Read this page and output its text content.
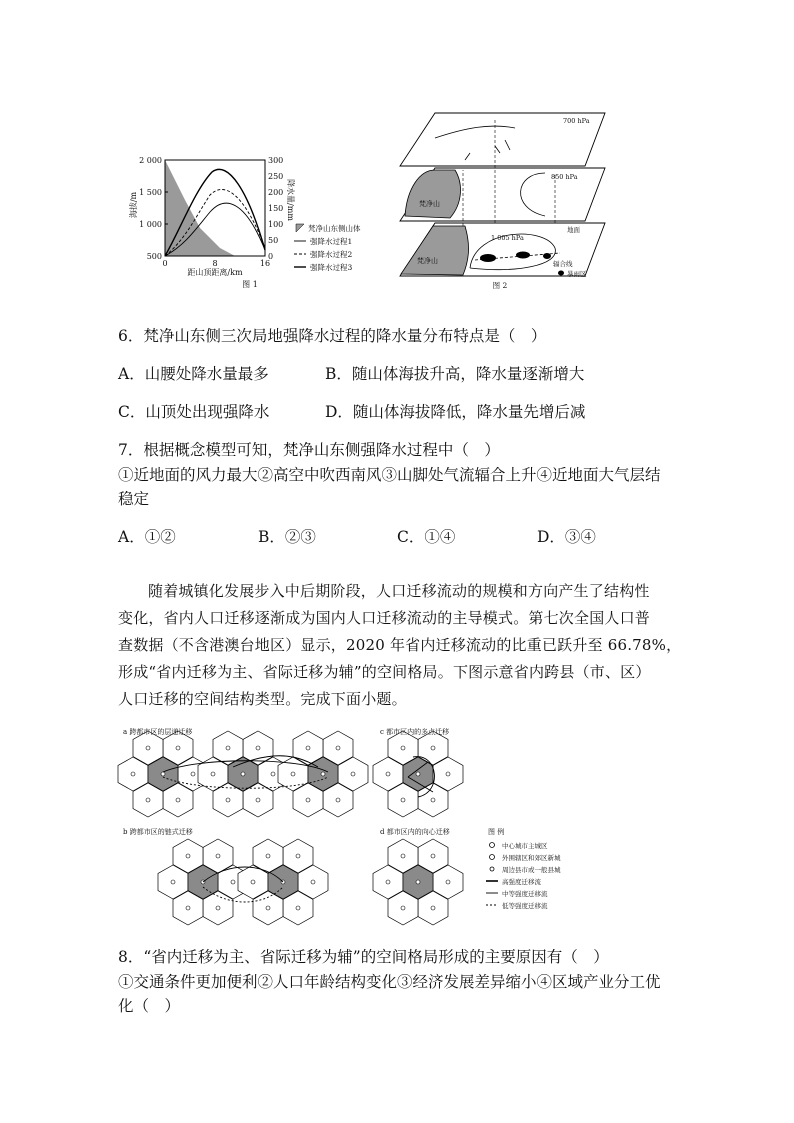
2 000
1 500
1 000
500
海拔/m
300
250
200
150
100
50
0
降水量/mm
0	8	16
距山顶距离/km
图 1
梵净山东侧山体
强降水过程1
强降水过程2
强降水过程3
700 hPa
850 hPa
梵净山
地面
梵净山
1 005 hPa
辐合线
暴雨区
图 2
6．梵净山东侧三次局地强降水过程的降水量分布特点是（　）
A．山腰处降水量最多	B．随山体海拔升高，降水量逐渐增大
C．山顶处出现强降水	D．随山体海拔降低，降水量先增后减
7．根据概念模型可知，梵净山东侧强降水过程中（　）
①近地面的风力最大②高空中吹西南风③山脚处气流辐合上升④近地面大气层结
稳定
A．①②	B．②③	C．①④	D．③④
随着城镇化发展步入中后期阶段，人口迁移流动的规模和方向产生了结构性
变化，省内人口迁移逐渐成为国内人口迁移流动的主导模式。第七次全国人口普
查数据（不含港澳台地区）显示，2020 年省内迁移流动的比重已跃升至 66.78%，
形成“省内迁移为主、省际迁移为辅”的空间格局。下图示意省内跨县（市、区）
人口迁移的空间结构类型。完成下面小题。
a 跨都市区的层递迁移
b 跨都市区的链式迁移
c 都市区内的多点迁移
d 都市区内的向心迁移	图 例
中心城市主城区
外围辖区和郊区新城
周边县市或一般县城
高强度迁移流
中等强度迁移流
低等强度迁移流
8．“省内迁移为主、省际迁移为辅”的空间格局形成的主要原因有（　）
①交通条件更加便利②人口年龄结构变化③经济发展差异缩小④区域产业分工优
化（　）
